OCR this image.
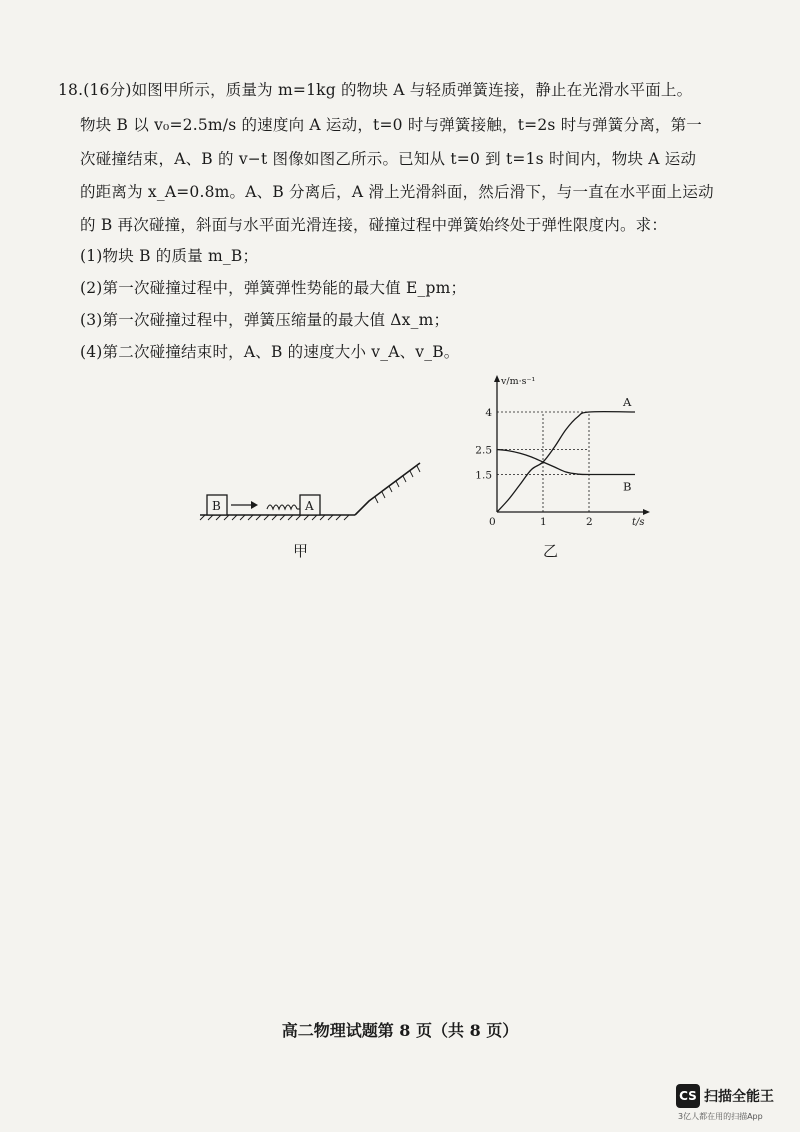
18.(16分)如图甲所示，质量为 m=1kg 的物块 A 与轻质弹簧连接，静止在光滑水平面上。
物块 B 以 v₀=2.5m/s 的速度向 A 运动，t=0 时与弹簧接触，t=2s 时与弹簧分离，第一
次碰撞结束，A、B 的 v−t 图像如图乙所示。已知从 t=0 到 t=1s 时间内，物块 A 运动
的距离为 x_A=0.8m。A、B 分离后，A 滑上光滑斜面，然后滑下，与一直在水平面上运动
的 B 再次碰撞，斜面与水平面光滑连接，碰撞过程中弹簧始终处于弹性限度内。求：
(1)物块 B 的质量 m_B；
(2)第一次碰撞过程中，弹簧弹性势能的最大值 E_pm；
(3)第一次碰撞过程中，弹簧压缩量的最大值 Δx_m；
(4)第二次碰撞结束时，A、B 的速度大小 v_A、v_B。
B	A
甲
v/m·s⁻¹
t/s
1.5
2.5
4
0	1	2
A
B
乙
高二物理试题第 8 页（共 8 页）
CS 扫描全能王
3亿人都在用的扫描App
